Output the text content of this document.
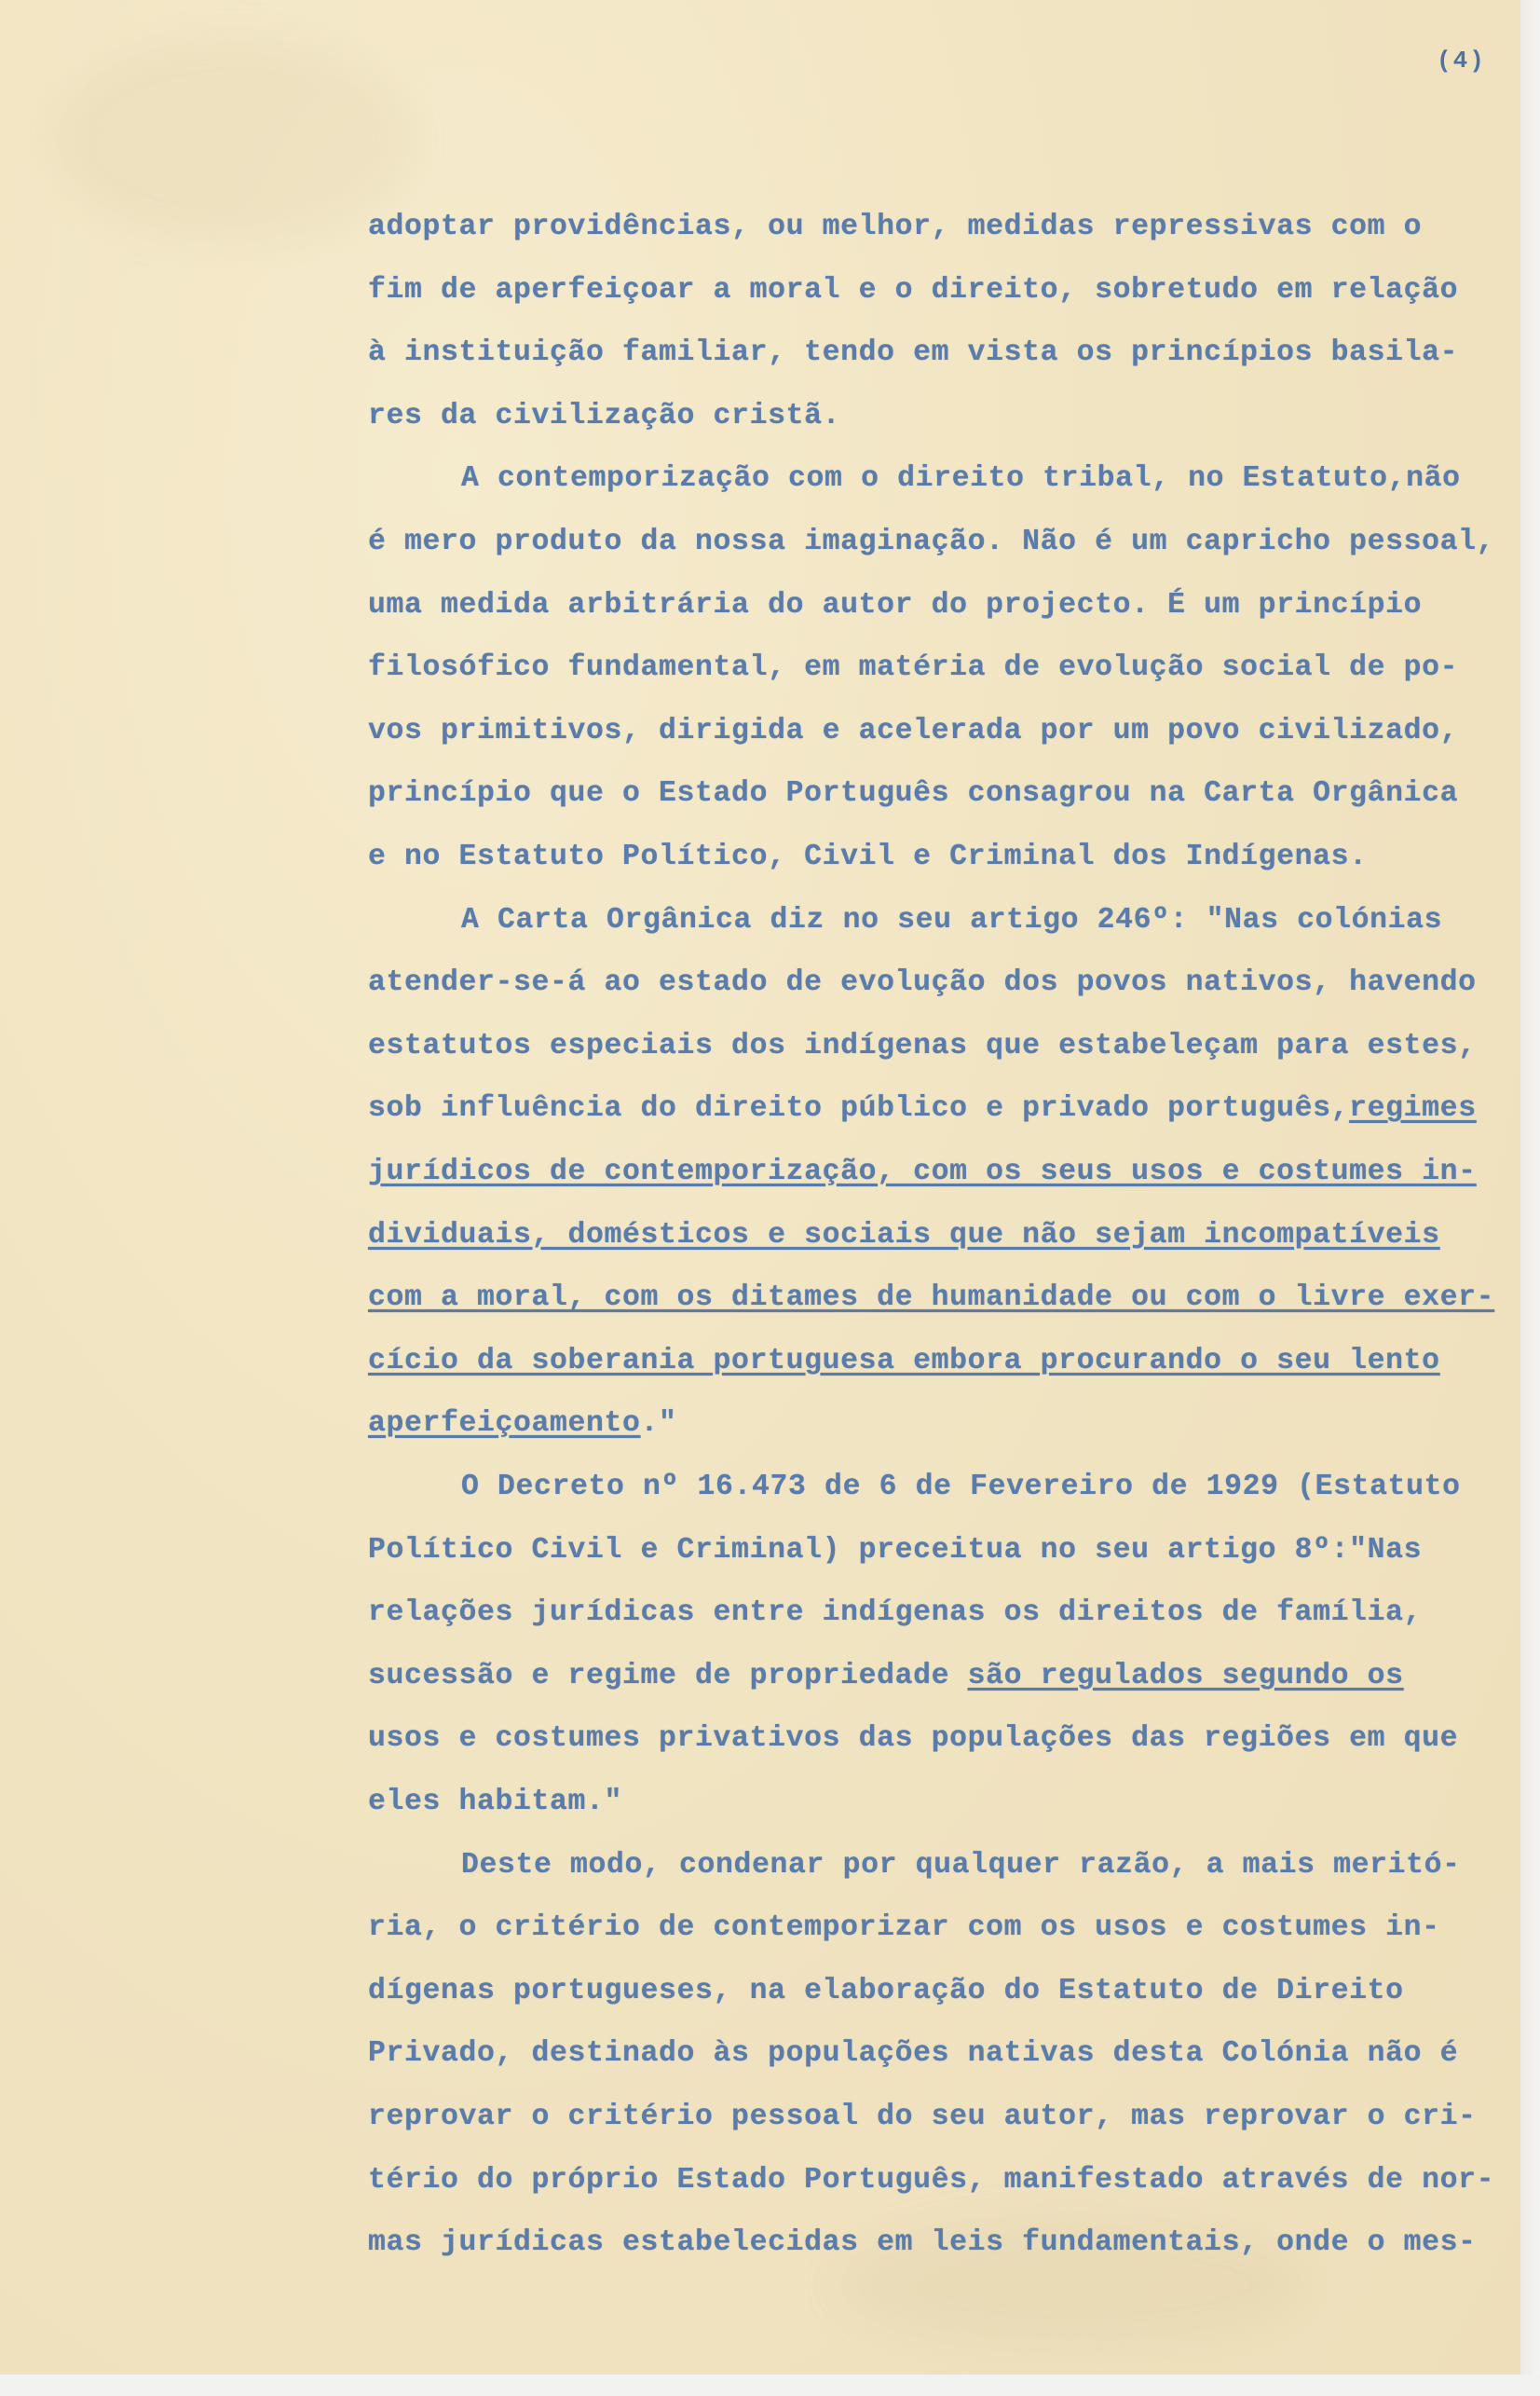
(4)
adoptar providências, ou melhor, medidas repressivas com o
fim de aperfeiçoar a moral e o direito, sobretudo em relação
à instituição familiar, tendo em vista os princípios basila-
res da civilização cristã.
A contemporização com o direito tribal, no Estatuto,não
é mero produto da nossa imaginação. Não é um capricho pessoal,
uma medida arbitrária do autor do projecto. É um princípio
filosófico fundamental, em matéria de evolução social de po-
vos primitivos, dirigida e acelerada por um povo civilizado,
princípio que o Estado Português consagrou na Carta Orgânica
e no Estatuto Político, Civil e Criminal dos Indígenas.
A Carta Orgânica diz no seu artigo 246º: "Nas colónias
atender-se-á ao estado de evolução dos povos nativos, havendo
estatutos especiais dos indígenas que estabeleçam para estes,
sob influência do direito público e privado português,regimes
jurídicos de contemporização, com os seus usos e costumes in-
dividuais, domésticos e sociais que não sejam incompatíveis
com a moral, com os ditames de humanidade ou com o livre exer-
cício da soberania portuguesa embora procurando o seu lento
aperfeiçoamento."
O Decreto nº 16.473 de 6 de Fevereiro de 1929 (Estatuto
Político Civil e Criminal) preceitua no seu artigo 8º:"Nas
relações jurídicas entre indígenas os direitos de família,
sucessão e regime de propriedade são regulados segundo os
usos e costumes privativos das populações das regiões em que
eles habitam."
Deste modo, condenar por qualquer razão, a mais meritó-
ria, o critério de contemporizar com os usos e costumes in-
dígenas portugueses, na elaboração do Estatuto de Direito
Privado, destinado às populações nativas desta Colónia não é
reprovar o critério pessoal do seu autor, mas reprovar o cri-
tério do próprio Estado Português, manifestado através de nor-
mas jurídicas estabelecidas em leis fundamentais, onde o mes-
